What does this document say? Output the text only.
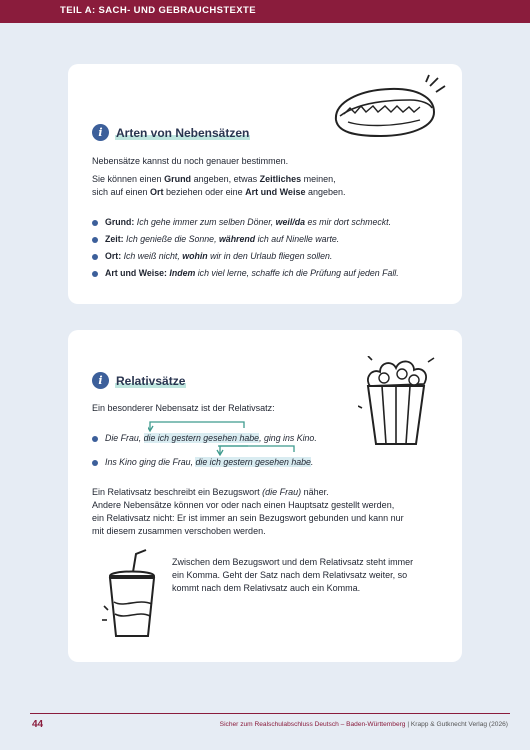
TEIL A: SACH- UND GEBRAUCHSTEXTE
i	Arten von Nebensätzen
Nebensätze kannst du noch genauer bestimmen.
Sie können einen Grund angeben, etwas Zeitliches meinen,
sich auf einen Ort beziehen oder eine Art und Weise angeben.
Grund: Ich gehe immer zum selben Döner, weil/da es mir dort schmeckt.
Zeit: Ich genieße die Sonne, während ich auf Ninelle warte.
Ort: Ich weiß nicht, wohin wir in den Urlaub fliegen sollen.
Art und Weise: Indem ich viel lerne, schaffe ich die Prüfung auf jeden Fall.
i	Relativsätze
Ein besonderer Nebensatz ist der Relativsatz:
Die Frau, die ich gestern gesehen habe, ging ins Kino.
Ins Kino ging die Frau, die ich gestern gesehen habe.
Ein Relativsatz beschreibt ein Bezugswort (die Frau) näher.
Andere Nebensätze können vor oder nach einen Hauptsatz gestellt werden,
ein Relativsatz nicht: Er ist immer an sein Bezugswort gebunden und kann nur
mit diesem zusammen verschoben werden.
Zwischen dem Bezugswort und dem Relativsatz steht immer
ein Komma. Geht der Satz nach dem Relativsatz weiter, so
kommt nach dem Relativsatz auch ein Komma.
44	Sicher zum Realschulabschluss Deutsch – Baden-Württemberg | Krapp & Gutknecht Verlag (2026)
